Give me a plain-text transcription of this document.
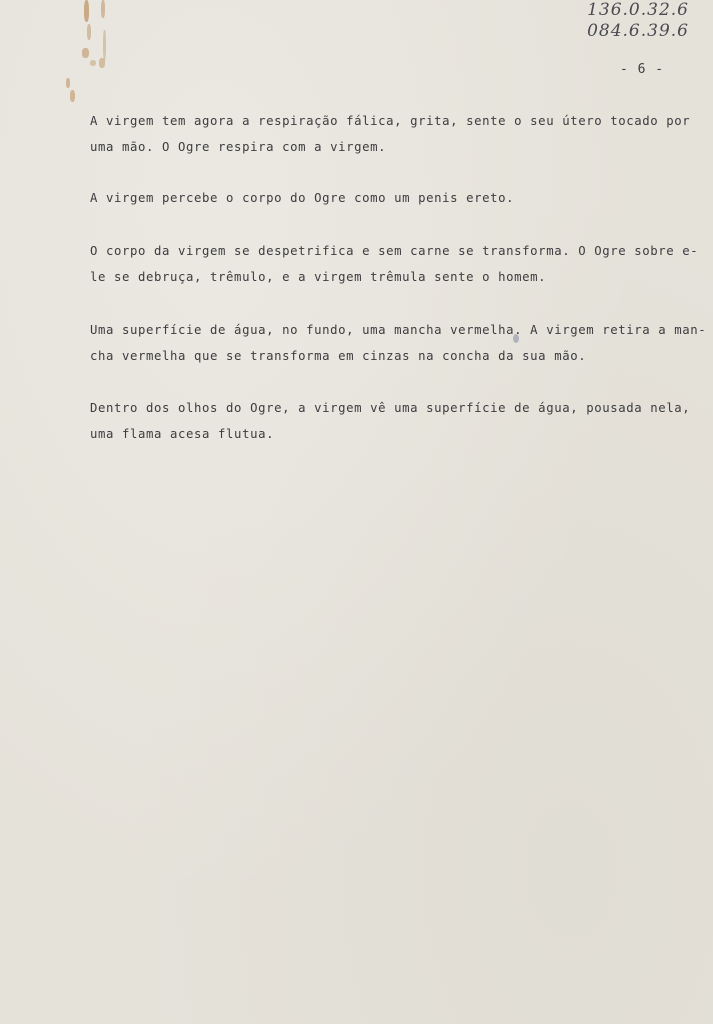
136.0.32.6
084.6.39.6
- 6 -

A virgem tem agora a respiração fálica, grita, sente o seu útero tocado por

uma mão. O Ogre respira com a virgem.

A virgem percebe o corpo do Ogre como um penis ereto.

O corpo da virgem se despetrifica e sem carne se transforma. O Ogre sobre e-

le se debruça, trêmulo, e a virgem trêmula sente o homem.

Uma superfície de água, no fundo, uma mancha vermelha. A virgem retira a man-

cha vermelha que se transforma em cinzas na concha da sua mão.

Dentro dos olhos do Ogre, a virgem vê uma superfície de água, pousada nela,

uma flama acesa flutua.
